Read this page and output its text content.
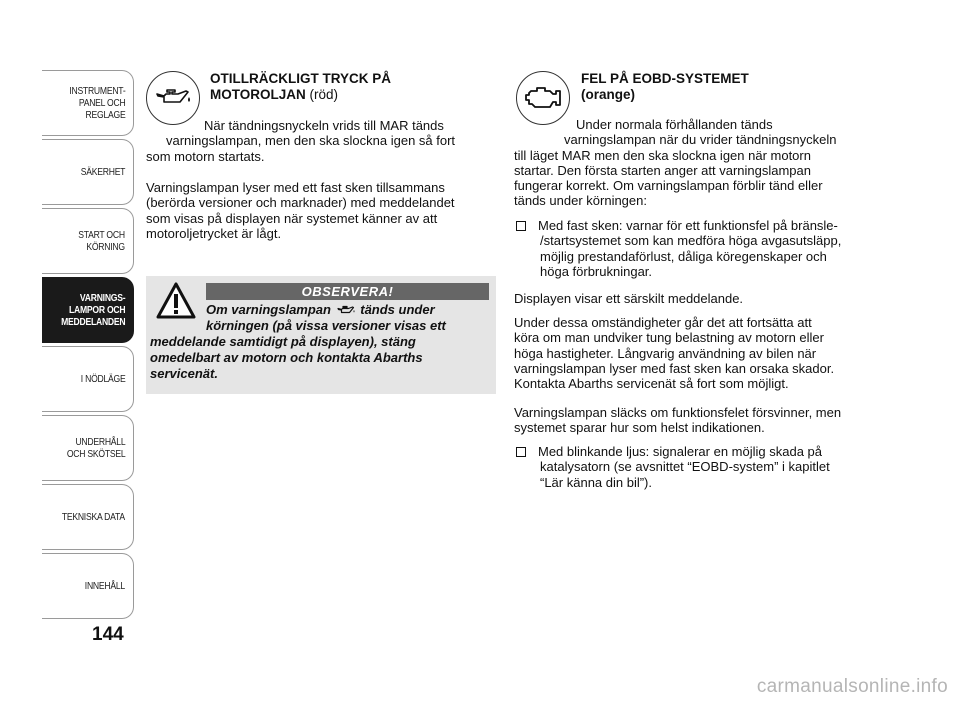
INSTRUMENT-
PANEL OCH
REGLAGE
SÄKERHET
START OCH
KÖRNING
VARNINGS-
LAMPOR OCH
MEDDELANDEN
I NÖDLÄGE
UNDERHÅLL
OCH SKÖTSEL
TEKNISKA DATA
INNEHÅLL
144
OTILLRÄCKLIGT TRYCK PÅ
MOTOROLJAN (röd)
När tändningsnyckeln vrids till MAR tänds
varningslampan, men den ska slockna igen så fort
som motorn startats.
Varningslampan lyser med ett fast sken tillsammans
(berörda versioner och marknader) med meddelandet
som visas på displayen när systemet känner av att
motoroljetrycket är lågt.
OBSERVERA!
Om varningslampan tänds under
körningen (på vissa versioner visas ett
meddelande samtidigt på displayen), stäng
omedelbart av motorn och kontakta Abarths
servicenät.
FEL PÅ EOBD-SYSTEMET
(orange)
Under normala förhållanden tänds
varningslampan när du vrider tändningsnyckeln
till läget MAR men den ska slockna igen när motorn
startar. Den första starten anger att varningslampan
fungerar korrekt. Om varningslampan förblir tänd eller
tänds under körningen:
Med fast sken: varnar för ett funktionsfel på bränsle-
/startsystemet som kan medföra höga avgasutsläpp,
möjlig prestandaförlust, dåliga köregenskaper och
höga förbrukningar.
Displayen visar ett särskilt meddelande.
Under dessa omständigheter går det att fortsätta att
köra om man undviker tung belastning av motorn eller
höga hastigheter. Långvarig användning av bilen när
varningslampan lyser med fast sken kan orsaka skador.
Kontakta Abarths servicenät så fort som möjligt.
Varningslampan släcks om funktionsfelet försvinner, men
systemet sparar hur som helst indikationen.
Med blinkande ljus: signalerar en möjlig skada på
katalysatorn (se avsnittet “EOBD-system” i kapitlet
“Lär känna din bil”).
carmanualsonline.info
